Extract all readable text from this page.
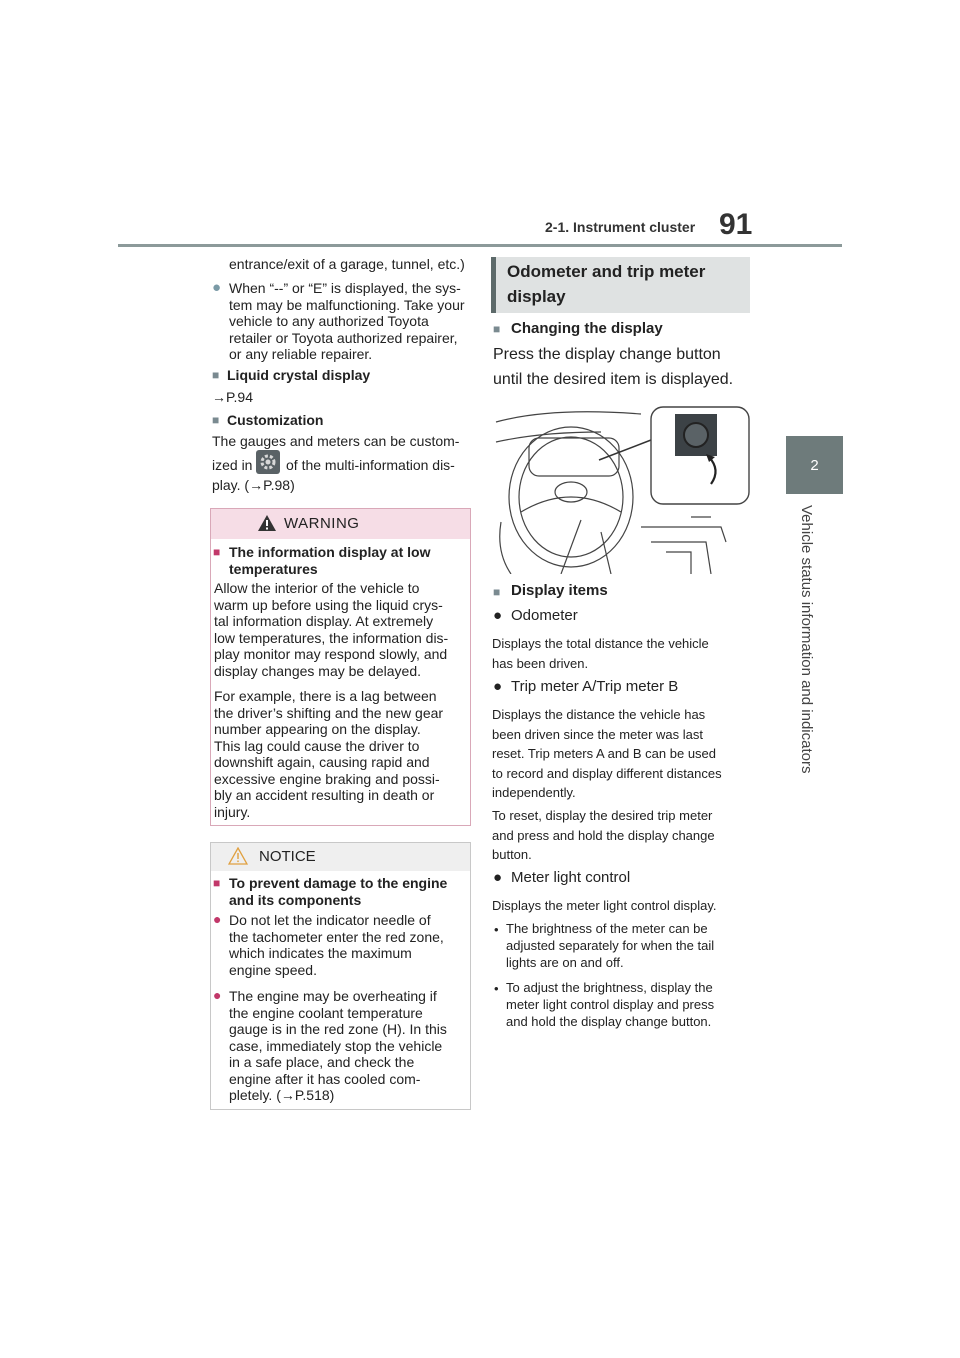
2-1. Instrument cluster 91
2
Vehicle status information and indicators
entrance/exit of a garage, tunnel, etc.)
● When “--” or “E” is displayed, the sys-
tem may be malfunctioning. Take your
vehicle to any authorized Toyota
retailer or Toyota authorized repairer,
or any reliable repairer.
■ Liquid crystal display
→P.94
■ Customization
The gauges and meters can be custom-
ized in of the multi-information dis-
play. (→P.98)
WARNING
■ The information display at low
temperatures
Allow the interior of the vehicle to
warm up before using the liquid crys-
tal information display. At extremely
low temperatures, the information dis-
play monitor may respond slowly, and
display changes may be delayed.
For example, there is a lag between
the driver’s shifting and the new gear
number appearing on the display.
This lag could cause the driver to
downshift again, causing rapid and
excessive engine braking and possi-
bly an accident resulting in death or
injury.
NOTICE
■ To prevent damage to the engine
and its components
● Do not let the indicator needle of
the tachometer enter the red zone,
which indicates the maximum
engine speed.
● The engine may be overheating if
the engine coolant temperature
gauge is in the red zone (H). In this
case, immediately stop the vehicle
in a safe place, and check the
engine after it has cooled com-
pletely. (→P.518)
Odometer and trip meter
display
■ Changing the display
Press the display change button
until the desired item is displayed.
■ Display items
● Odometer
Displays the total distance the vehicle
has been driven.
● Trip meter A/Trip meter B
Displays the distance the vehicle has
been driven since the meter was last
reset. Trip meters A and B can be used
to record and display different distances
independently.
To reset, display the desired trip meter
and press and hold the display change
button.
● Meter light control
Displays the meter light control display.
• The brightness of the meter can be
adjusted separately for when the tail
lights are on and off.
• To adjust the brightness, display the
meter light control display and press
and hold the display change button.
